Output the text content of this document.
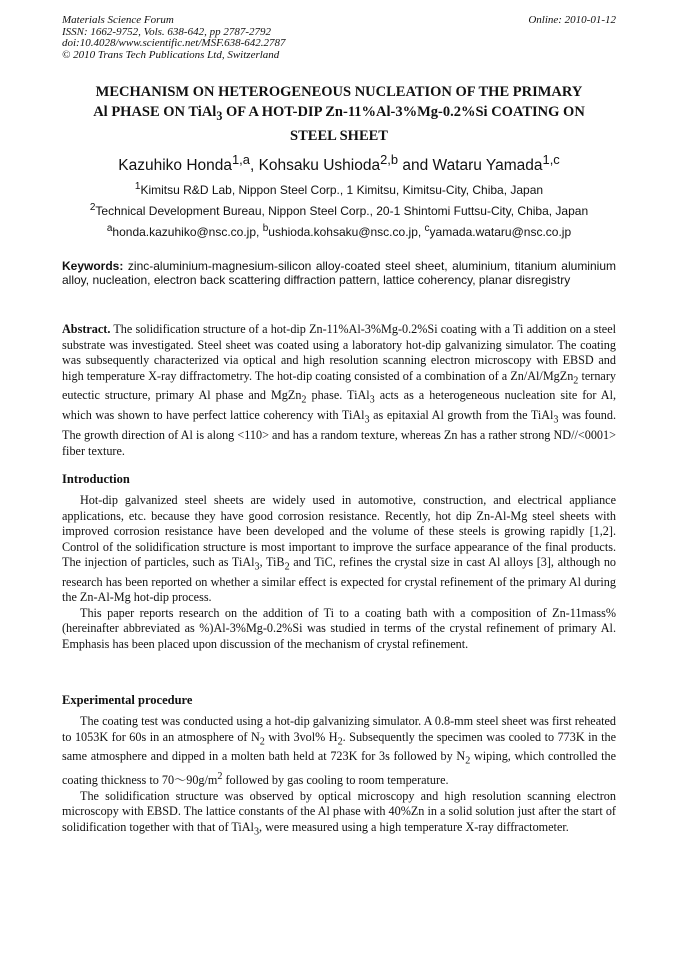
Materials Science Forum	Online: 2010-01-12
ISSN: 1662-9752, Vols. 638-642, pp 2787-2792
doi:10.4028/www.scientific.net/MSF.638-642.2787
© 2010 Trans Tech Publications Ltd, Switzerland
MECHANISM ON HETEROGENEOUS NUCLEATION OF THE PRIMARY
Al PHASE ON TiAl$_3$ OF A HOT-DIP Zn-11%Al-3%Mg-0.2%Si COATING ON
STEEL SHEET
Kazuhiko Honda$^{1,a}$, Kohsaku Ushioda$^{2,b}$ and Wataru Yamada$^{1,c}$
$^1$Kimitsu R&D Lab, Nippon Steel Corp., 1 Kimitsu, Kimitsu-City, Chiba, Japan
$^2$Technical Development Bureau, Nippon Steel Corp., 20-1 Shintomi Futtsu-City, Chiba, Japan
$^a$honda.kazuhiko@nsc.co.jp, $^b$ushioda.kohsaku@nsc.co.jp, $^c$yamada.wataru@nsc.co.jp
Keywords: zinc-aluminium-magnesium-silicon alloy-coated steel sheet, aluminium, titanium aluminium alloy, nucleation, electron back scattering diffraction pattern, lattice coherency, planar disregistry
Abstract. The solidification structure of a hot-dip Zn-11%Al-3%Mg-0.2%Si coating with a Ti addition on a steel substrate was investigated. Steel sheet was coated using a laboratory hot-dip galvanizing simulator. The coating was subsequently characterized via optical and high resolution scanning electron microscopy with EBSD and high temperature X-ray diffractometry. The hot-dip coating consisted of a combination of a Zn/Al/MgZn$_2$ ternary eutectic structure, primary Al phase and MgZn$_2$ phase. TiAl$_3$ acts as a heterogeneous nucleation site for Al, which was shown to have perfect lattice coherency with TiAl$_3$ as epitaxial Al growth from the TiAl$_3$ was found. The growth direction of Al is along <110> and has a random texture, whereas Zn has a rather strong ND//<0001> fiber texture.
Introduction

Hot-dip galvanized steel sheets are widely used in automotive, construction, and electrical appliance applications, etc. because they have good corrosion resistance. Recently, hot dip Zn-Al-Mg steel sheets with improved corrosion resistance have been developed and the volume of these steels is growing rapidly [1,2]. Control of the solidification structure is most important to improve the surface appearance of the final products. The injection of particles, such as TiAl$_3$, TiB$_2$ and TiC, refines the crystal size in cast Al alloys [3], although no research has been reported on whether a similar effect is expected for crystal refinement of the primary Al during the Zn-Al-Mg hot-dip process.

This paper reports research on the addition of Ti to a coating bath with a composition of Zn-11mass%(hereinafter abbreviated as %)Al-3%Mg-0.2%Si was studied in terms of the crystal refinement of primary Al. Emphasis has been placed upon discussion of the mechanism of crystal refinement.

Experimental procedure

The coating test was conducted using a hot-dip galvanizing simulator. A 0.8-mm steel sheet was first reheated to 1053K for 60s in an atmosphere of $N_2$ with 3vol% $H_2$. Subsequently the specimen was cooled to 773K in the same atmosphere and dipped in a molten bath held at 723K for 3s followed by $N_2$ wiping, which controlled the coating thickness to $70\sim 90g/m^2$ followed by gas cooling to room temperature.

The solidification structure was observed by optical microscopy and high resolution scanning electron microscopy with EBSD. The lattice constants of the Al phase with 40%Zn in a solid solution just after the start of solidification together with that of TiAl$_3$, were measured using a high temperature X-ray diffractometer.
